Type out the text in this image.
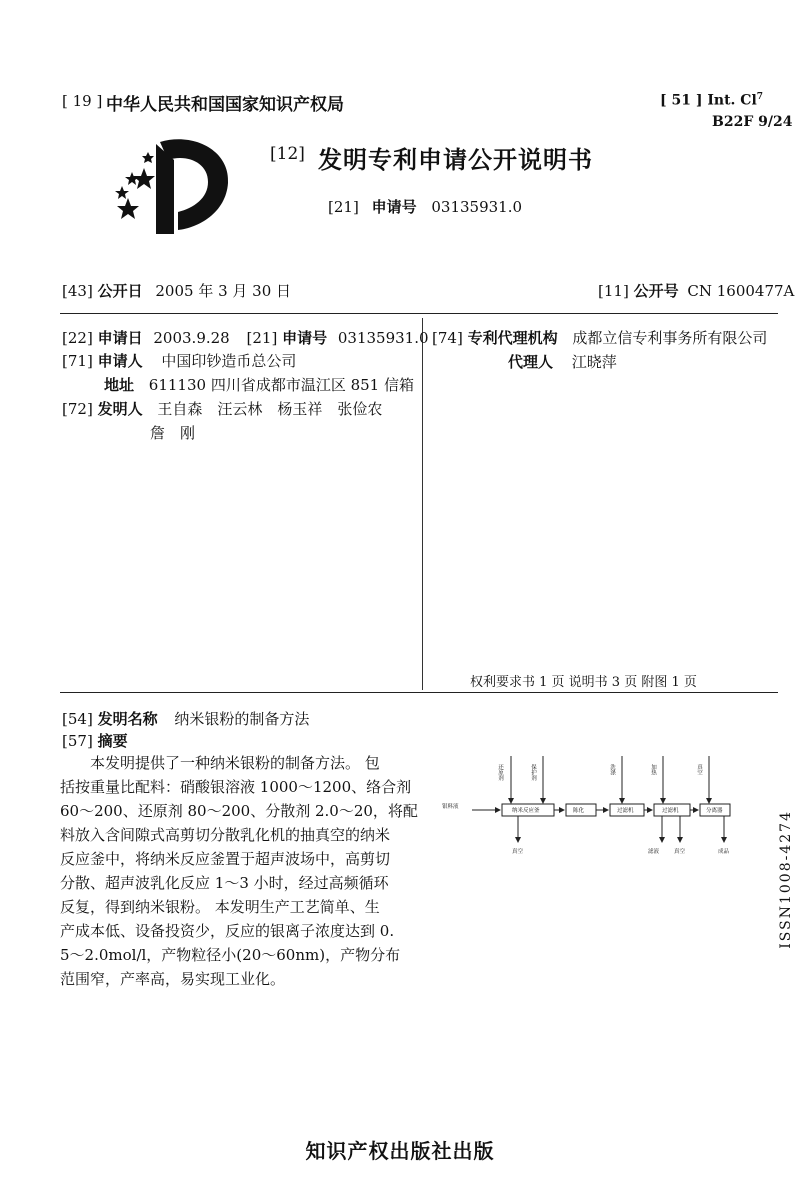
[ 19 ] 中华人民共和国国家知识产权局	[ 51 ] Int. Cl$^7$
B22F 9/24
[12] 发明专利申请公开说明书
[21] 申请号 03135931.0
[43] 公开日 2005 年 3 月 30 日	[11] 公开号 CN 1600477A
[22] 申请日 2003.9.28 [21] 申请号 03135931.0
[71] 申请人 中国印钞造币总公司
地址 611130 四川省成都市温江区 851 信箱
[72] 发明人 王自森　汪云林　杨玉祥　张俭农
詹　刚
[74] 专利代理机构 成都立信专利事务所有限公司
代理人 江晓萍
权利要求书 1 页 说明书 3 页 附图 1 页
[54] 发明名称 纳米银粉的制备方法
[57] 摘要
　　本发明提供了一种纳米银粉的制备方法。 包
括按重量比配料：硝酸银溶液 1000～1200、络合剂
60～200、还原剂 80～200、分散剂 2.0～20，将配
料放入含间隙式高剪切分散乳化机的抽真空的纳米
反应釜中，将纳米反应釜置于超声波场中，高剪切
分散、超声波乳化反应 1～3 小时，经过高频循环
反复，得到纳米银粉。 本发明生产工艺简单、生
产成本低、设备投资少，反应的银离子浓度达到 0.
5～2.0mol/l，产物粒径小(20～60nm)，产物分布
范围窄，产率高，易实现工业化。
还原剂	保护剂	洗涤	加热	真空
银料液
纳米反应釜	陈化	过滤机	过滤机	分离器
真空	滤液	真空	成品	ISSN1008-4274
知识产权出版社出版
